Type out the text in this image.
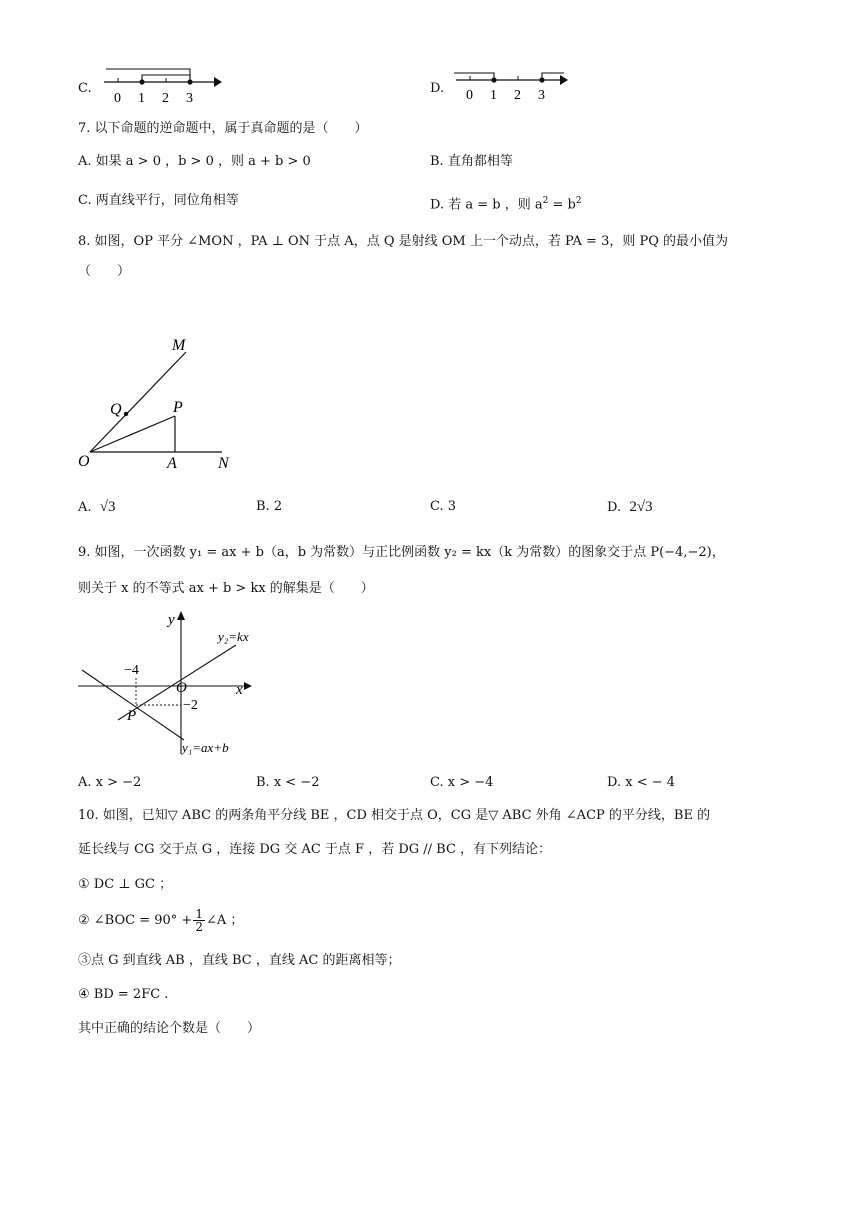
C.
0 1 2 3
D. 0 1 2 3
7. 以下命题的逆命题中，属于真命题的是（　　）
A. 如果 a > 0 ，b > 0 ，则 a + b > 0	B. 直角都相等
C. 两直线平行，同位角相等	D. 若 a = b ，则 $a^2 = b^2$
8. 如图，OP 平分 ∠MON ，PA ⊥ ON 于点 A，点 Q 是射线 OM 上一个动点，若 PA = 3，则 PQ 的最小值为
（　　）
M
Q	P
O	A	N
A. √3	B. 2	C. 3	D. 2√3
9. 如图，一次函数 y₁ = ax + b（a，b 为常数）与正比例函数 y₂ = kx（k 为常数）的图象交于点 P(−4,−2)，
则关于 x 的不等式 ax + b > kx 的解集是（　　）
y
x
O
P
−4
−2
y₂=kx
y₁=ax+b
A. x > −2	B. x < −2	C. x > −4	D. x < − 4
10. 如图，已知▽ ABC 的两条角平分线 BE ，CD 相交于点 O，CG 是▽ ABC 外角 ∠ACP 的平分线，BE 的
延长线与 CG 交于点 G ，连接 DG 交 AC 于点 F ，若 DG // BC ，有下列结论：
① DC ⊥ GC ；
② ∠BOC = $90^\circ + \frac{1}{2}$ ∠A ；
③点 G 到直线 AB ，直线 BC ，直线 AC 的距离相等；
④ BD = 2FC .
其中正确的结论个数是（　　）
